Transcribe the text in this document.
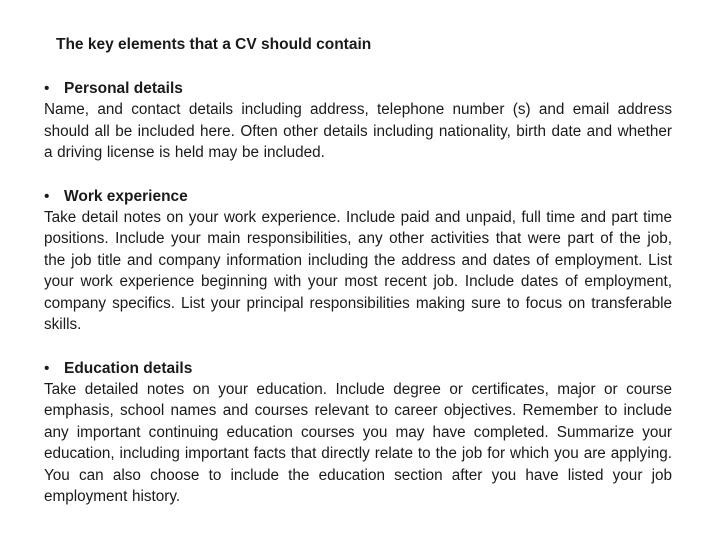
The key elements that a CV should contain
• Personal details

Name, and contact details including address, telephone number (s) and email address should all be included here. Often other details including nationality, birth date and whether a driving license is held may be included.

• Work experience

Take detail notes on your work experience. Include paid and unpaid, full time and part time positions. Include your main responsibilities, any other activities that were part of the job, the job title and company information including the address and dates of employment. List your work experience beginning with your most recent job. Include dates of employment, company specifics. List your principal responsibilities making sure to focus on transferable skills.

• Education details

Take detailed notes on your education. Include degree or certificates, major or course emphasis, school names and courses relevant to career objectives. Remember to include any important continuing education courses you may have completed. Summarize your education, including important facts that directly relate to the job for which you are applying. You can also choose to include the education section after you have listed your job employment history.
